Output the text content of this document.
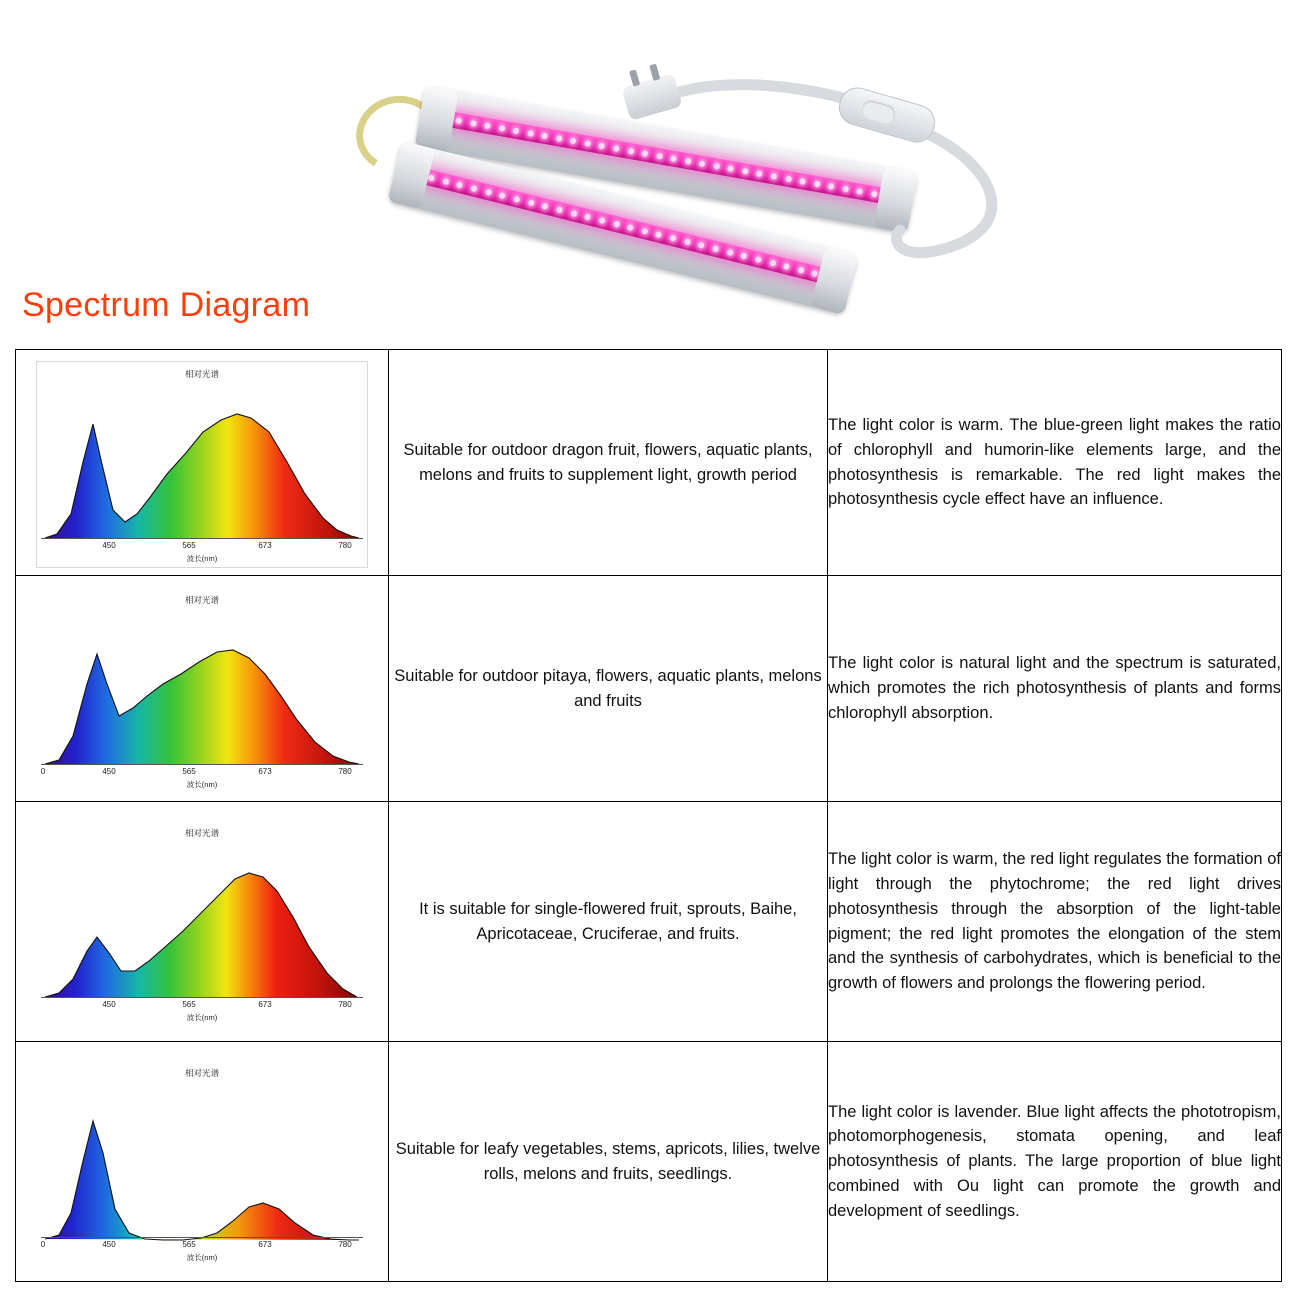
Spectrum Diagram
相对光谱
450	565	673	780
波长(nm)
	Suitable for outdoor dragon fruit, flowers, aquatic plants, melons and fruits to supplement light, growth period	The light color is warm. The blue-green light makes the ratio of chlorophyll and humorin-like elements large, and the photosynthesis is remarkable. The red light makes the photosynthesis cycle effect have an influence.

相对光谱
0	450	565	673	780
波长(nm)
	Suitable for outdoor pitaya, flowers, aquatic plants, melons and fruits	The light color is natural light and the spectrum is saturated, which promotes the rich photosynthesis of plants and forms chlorophyll absorption.

相对光谱
450	565	673	780
波长(nm)
	It is suitable for single-flowered fruit, sprouts, Baihe, Apricotaceae, Cruciferae, and fruits.	The light color is warm, the red light regulates the formation of light through the phytochrome; the red light drives photosynthesis through the absorption of the light-table pigment; the red light promotes the elongation of the stem and the synthesis of carbohydrates, which is beneficial to the growth of flowers and prolongs the flowering period.

相对光谱
0	450	565	673	780
波长(nm)
	Suitable for leafy vegetables, stems, apricots, lilies, twelve rolls, melons and fruits, seedlings.	The light color is lavender. Blue light affects the phototropism, photomorphogenesis, stomata opening, and leaf photosynthesis of plants. The large proportion of blue light combined with Ou light can promote the growth and development of seedlings.
